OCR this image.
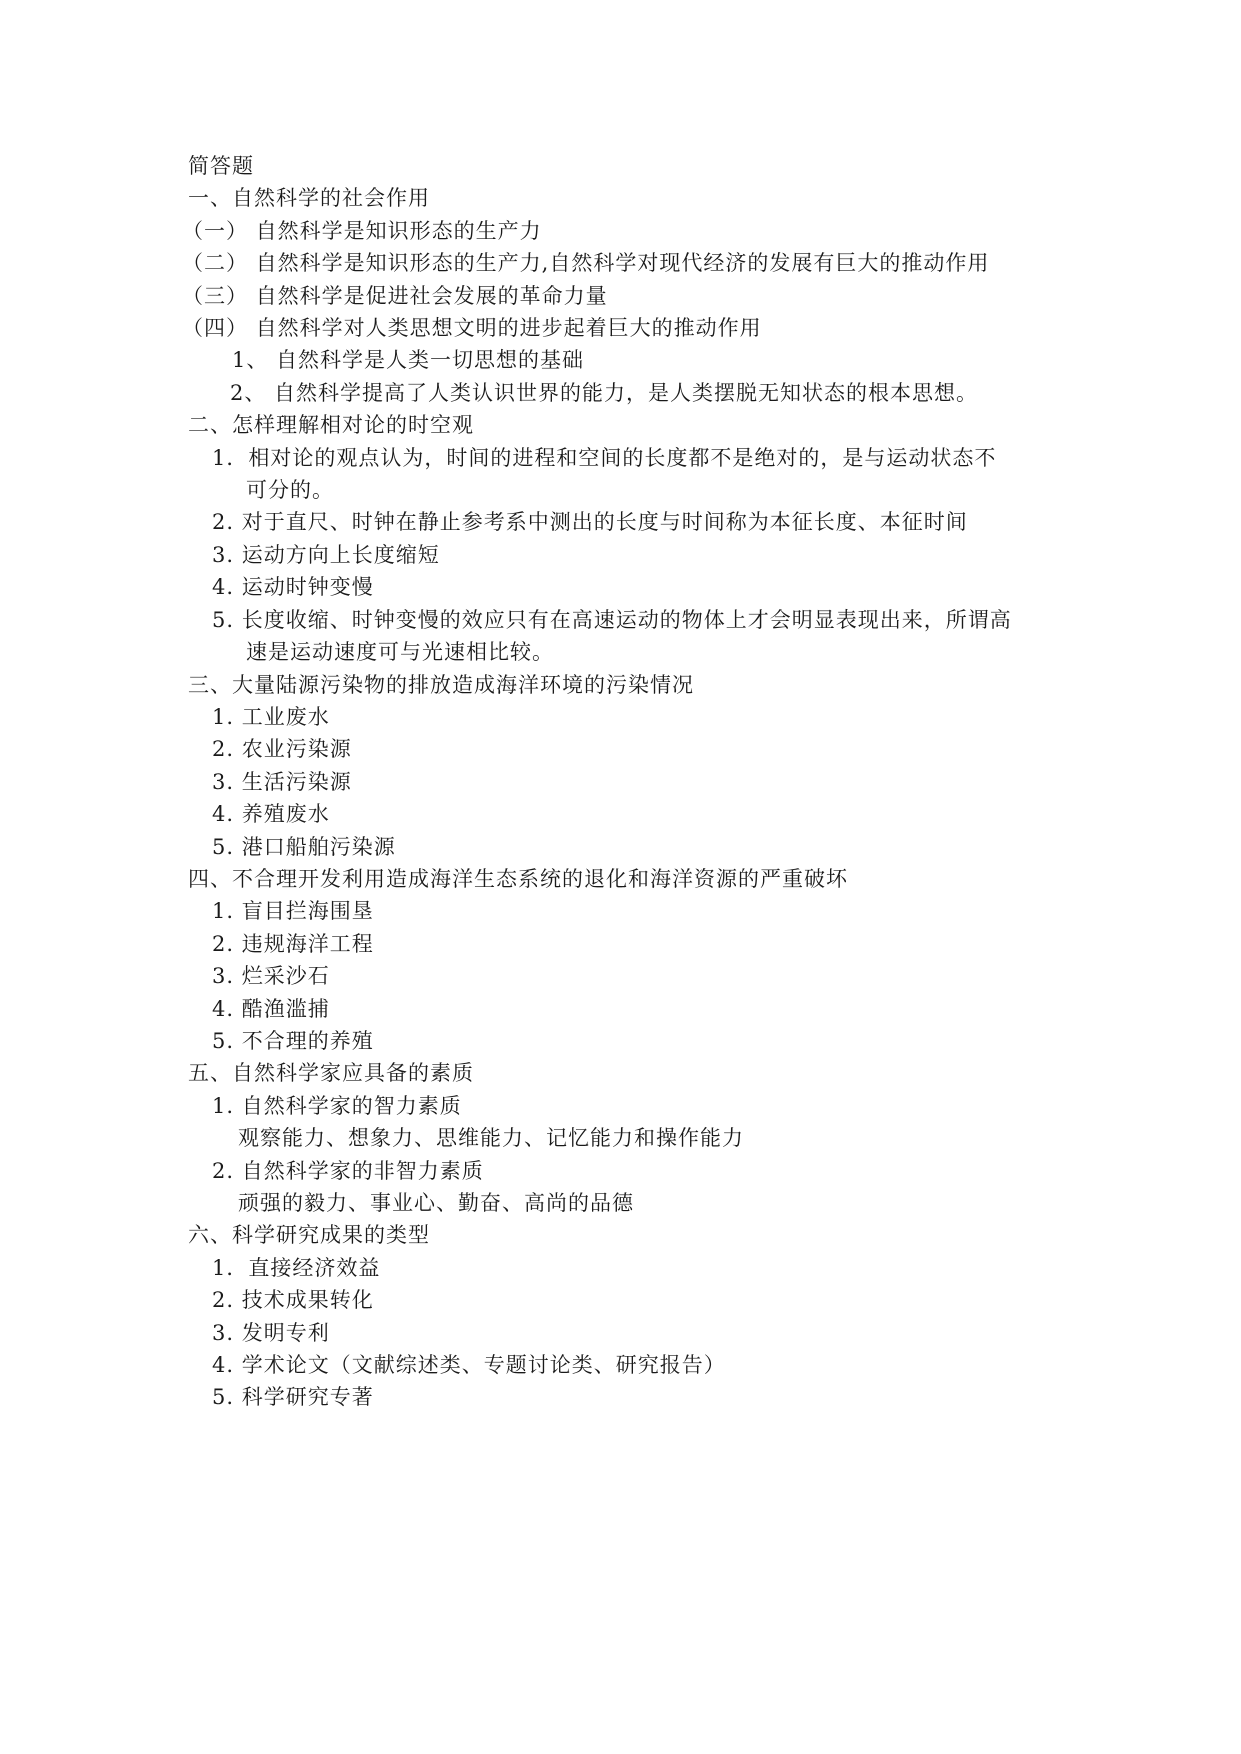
简答题
一、自然科学的社会作用
（一） 自然科学是知识形态的生产力
（二） 自然科学是知识形态的生产力,自然科学对现代经济的发展有巨大的推动作用
（三） 自然科学是促进社会发展的革命力量
（四） 自然科学对人类思想文明的进步起着巨大的推动作用
1、 自然科学是人类一切思想的基础
2、 自然科学提高了人类认识世界的能力，是人类摆脱无知状态的根本思想。
二、怎样理解相对论的时空观
1．相对论的观点认为，时间的进程和空间的长度都不是绝对的，是与运动状态不
可分的。
2. 对于直尺、时钟在静止参考系中测出的长度与时间称为本征长度、本征时间
3. 运动方向上长度缩短
4. 运动时钟变慢
5. 长度收缩、时钟变慢的效应只有在高速运动的物体上才会明显表现出来，所谓高
速是运动速度可与光速相比较。
三、大量陆源污染物的排放造成海洋环境的污染情况
1. 工业废水
2. 农业污染源
3. 生活污染源
4. 养殖废水
5. 港口船舶污染源
四、不合理开发利用造成海洋生态系统的退化和海洋资源的严重破坏
1. 盲目拦海围垦
2. 违规海洋工程
3. 烂采沙石
4. 酷渔滥捕
5. 不合理的养殖
五、自然科学家应具备的素质
1. 自然科学家的智力素质
观察能力、想象力、思维能力、记忆能力和操作能力
2. 自然科学家的非智力素质
顽强的毅力、事业心、勤奋、高尚的品德
六、科学研究成果的类型
1．直接经济效益
2. 技术成果转化
3. 发明专利
4. 学术论文（文献综述类、专题讨论类、研究报告）
5. 科学研究专著
